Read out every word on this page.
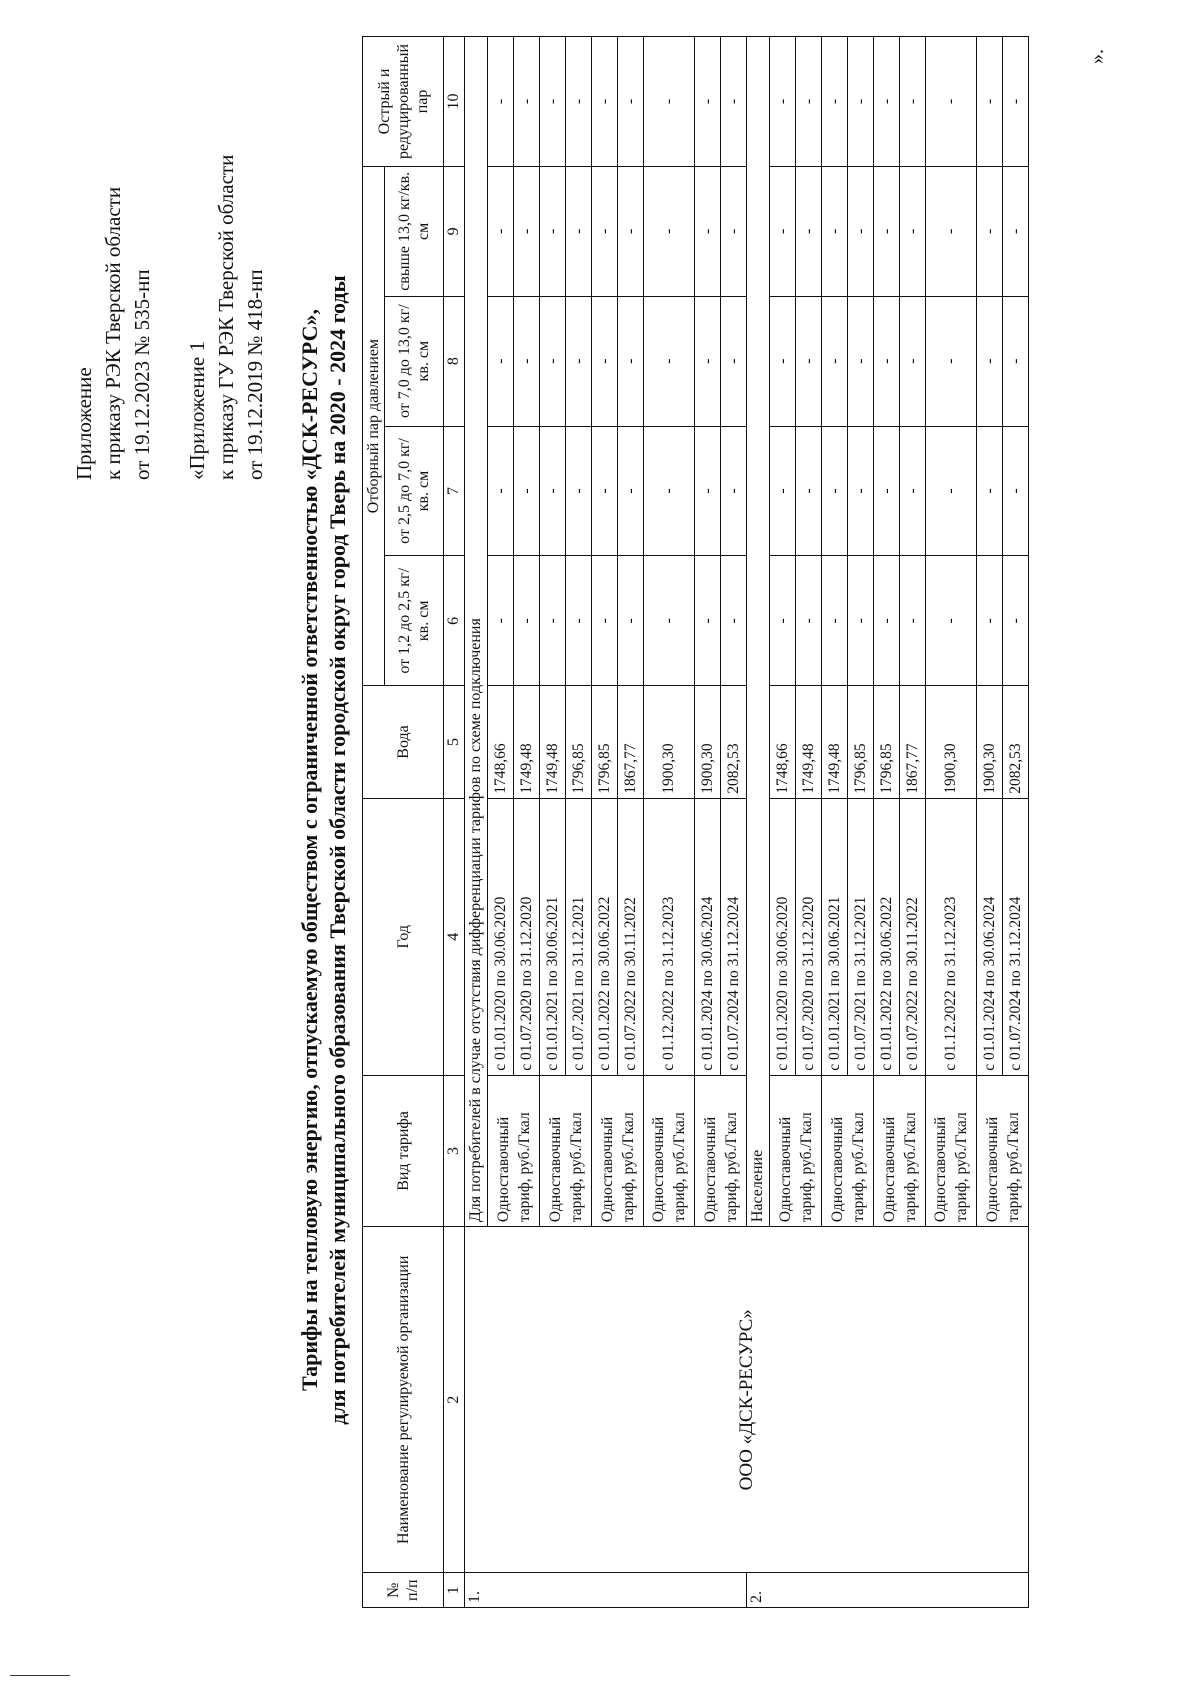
Приложение к приказу РЭК Тверской области от 19.12.2023 № 535-нп «Приложение 1 к приказу ГУ РЭК Тверской области от 19.12.2019 № 418-нп Тарифы на тепловую энергию, отпускаемую обществом с ограниченной ответственностью «ДСК-РЕСУРС», для потребителей муниципального образования Тверской области городской округ город Тверь на 2020 - 2024 годы

№ п/п	Наименование регулируемой организации	Вид тарифа	Год	Вода	Отборный пар давлением				Острый и редуцированный пар
					от 1,2 до 2,5 кг/кв. см	от 2,5 до 7,0 кг/кв. см	от 7,0 до 13,0 кг/кв. см	свыше 13,0 кг/кв. см	
1	2	3	4	5	6	7	8	9	10
1.	ООО «ДСК-РЕСУРС»	Для потребителей в случае отсутствия дифференциации тарифов по схеме подключения							
		Одноставочный тариф, руб./Гкал	с 01.01.2020 по 30.06.2020	1748,66	-	-	-	-	-
			с 01.07.2020 по 31.12.2020	1749,48	-	-	-	-	-
		Одноставочный тариф, руб./Гкал	с 01.01.2021 по 30.06.2021	1749,48	-	-	-	-	-
			с 01.07.2021 по 31.12.2021	1796,85	-	-	-	-	-
		Одноставочный тариф, руб./Гкал	с 01.01.2022 по 30.06.2022	1796,85	-	-	-	-	-
			с 01.07.2022 по 30.11.2022	1867,77	-	-	-	-	-
		Одноставочный тариф, руб./Гкал	с 01.12.2022 по 31.12.2023	1900,30	-	-	-	-	-
		Одноставочный тариф, руб./Гкал	с 01.01.2024 по 30.06.2024	1900,30	-	-	-	-	-
			с 01.07.2024 по 31.12.2024	2082,53	-	-	-	-	-
2.		Население							
		Одноставочный тариф, руб./Гкал	с 01.01.2020 по 30.06.2020	1748,66	-	-	-	-	-
			с 01.07.2020 по 31.12.2020	1749,48	-	-	-	-	-
		Одноставочный тариф, руб./Гкал	с 01.01.2021 по 30.06.2021	1749,48	-	-	-	-	-
			с 01.07.2021 по 31.12.2021	1796,85	-	-	-	-	-
		Одноставочный тариф, руб./Гкал	с 01.01.2022 по 30.06.2022	1796,85	-	-	-	-	-
			с 01.07.2022 по 30.11.2022	1867,77	-	-	-	-	-
		Одноставочный тариф, руб./Гкал	с 01.12.2022 по 31.12.2023	1900,30	-	-	-	-	-
		Одноставочный тариф, руб./Гкал	с 01.01.2024 по 30.06.2024	1900,30	-	-	-	-	-
			с 01.07.2024 по 31.12.2024	2082,53	-	-	-	-	-
».
